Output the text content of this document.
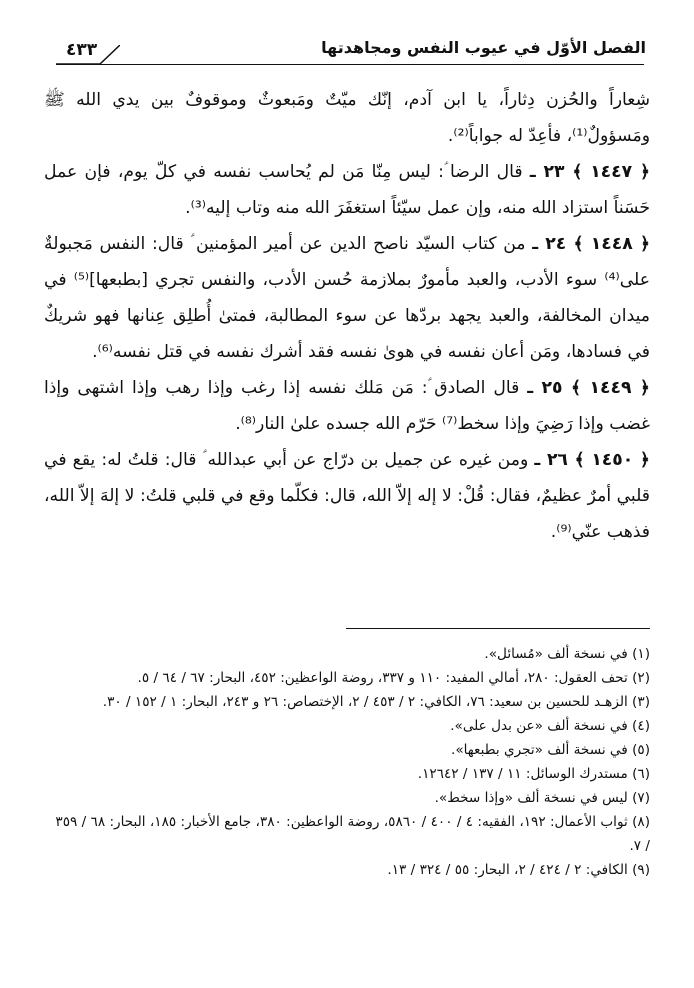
الفصل الأوّل في عيوب النفس ومجاهدتها
٤٣٣

شِعاراً والحُزن دِثاراً، يا ابن آدم، إنّك ميّتٌ ومَبعوثٌ وموقوفٌ بين يدي الله ﷺ ومَسؤولٌ⁽¹⁾، فأعِدّ له جواباً⁽²⁾.

﴿ ١٤٤٧ ﴾ ٢٣ ـ قال الرضا ؑ: ليس مِنّا مَن لم يُحاسب نفسه في كلّ يوم، فإن عمل حَسَناً استزاد الله منه، وإن عمل سيّئاً استغفَرَ الله منه وتاب إليه⁽³⁾.

﴿ ١٤٤٨ ﴾ ٢٤ ـ من كتاب السيّد ناصح الدين عن أمير المؤمنين ؑ قال: النفس مَجبولةٌ على⁽⁴⁾ سوء الأدب، والعبد مأمورٌ بملازمة حُسن الأدب، والنفس تجري [بطبعها]⁽⁵⁾ في ميدان المخالفة، والعبد يجهد بردّها عن سوء المطالبة، فمتىٰ أُطلِق عِنانها فهو شريكٌ في فسادها، ومَن أعان نفسه في هوىٰ نفسه فقد أشرك نفسه في قتل نفسه⁽⁶⁾.

﴿ ١٤٤٩ ﴾ ٢٥ ـ قال الصادق ؑ: مَن مَلك نفسه إذا رغب وإذا رهب وإذا اشتهى وإذا غضب وإذا رَضِيَ وإذا سخط⁽⁷⁾ حَرّم الله جسده علىٰ النار⁽⁸⁾.

﴿ ١٤٥٠ ﴾ ٢٦ ـ ومن غيره عن جميل بن درّاج عن أبي عبدالله ؑ قال: قلتُ له: يقع في قلبي أمرٌ عظيمٌ، فقال: قُلْ: لا إله إلاّ الله، قال: فكلّما وقع في قلبي قلتُ: لا إلهَ إلاّ الله، فذهب عنّي⁽⁹⁾.

(١) في نسخة ألف «مُسائل».

(٢) تحف العقول: ٢٨٠، أمالي المفيد: ١١٠ و ٣٣٧، روضة الواعظين: ٤٥٢، البحار: ٦٧ / ٦٤ / ٥.

(٣) الزهـد للحسين بن سعيد: ٧٦، الكافي: ٢ / ٤٥٣ / ٢، الإختصاص: ٢٦ و ٢٤٣، البحار: ١ / ١٥٢ / ٣٠.

(٤) في نسخة ألف «عن بدل على».

(٥) في نسخة ألف «تجري بطبعها».

(٦) مستدرك الوسائل: ١١ / ١٣٧ / ١٢٦٤٢.

(٧) ليس في نسخة ألف «وإذا سخط».

(٨) ثواب الأعمال: ١٩٢، الفقيه: ٤ / ٤٠٠ / ٥٨٦٠، روضة الواعظين: ٣٨٠، جامع الأخبار: ١٨٥، البحار: ٦٨ / ٣٥٩ / ٧.

(٩) الكافي: ٢ / ٤٢٤ / ٢، البحار: ٥٥ / ٣٢٤ / ١٣.
